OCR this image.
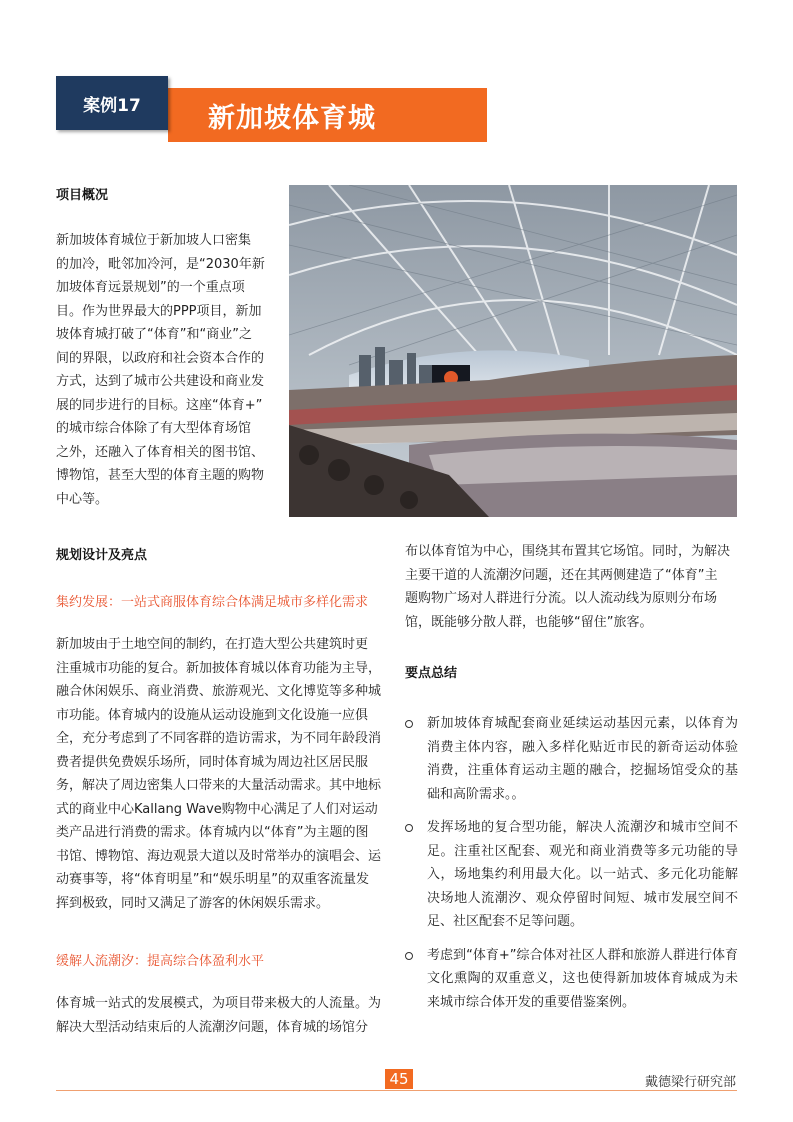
案例17 新加坡体育城
项目概况
新加坡体育城位于新加坡人口密集
的加冷，毗邻加冷河，是“2030年新
加坡体育远景规划”的一个重点项
目。作为世界最大的PPP项目，新加
坡体育城打破了“体育”和“商业”之
间的界限，以政府和社会资本合作的
方式，达到了城市公共建设和商业发
展的同步进行的目标。这座“体育+”
的城市综合体除了有大型体育场馆
之外，还融入了体育相关的图书馆、
博物馆，甚至大型的体育主题的购物
中心等。
规划设计及亮点
集约发展：一站式商服体育综合体满足城市多样化需求
新加坡由于土地空间的制约，在打造大型公共建筑时更
注重城市功能的复合。新加披体育城以体育功能为主导，
融合休闲娱乐、商业消费、旅游观光、文化博览等多种城
市功能。体育城内的设施从运动设施到文化设施一应俱
全，充分考虑到了不同客群的造访需求，为不同年龄段消
费者提供免费娱乐场所，同时体育城为周边社区居民服
务，解决了周边密集人口带来的大量活动需求。其中地标
式的商业中心Kallang Wave购物中心满足了人们对运动
类产品进行消费的需求。体育城内以“体育”为主题的图
书馆、博物馆、海边观景大道以及时常举办的演唱会、运
动赛事等，将“体育明星”和“娱乐明星”的双重客流量发
挥到极致，同时又满足了游客的休闲娱乐需求。
缓解人流潮汐：提高综合体盈利水平
体育城一站式的发展模式，为项目带来极大的人流量。为
解决大型活动结束后的人流潮汐问题，体育城的场馆分
布以体育馆为中心，围绕其布置其它场馆。同时，为解决
主要干道的人流潮汐问题，还在其两侧建造了“体育”主
题购物广场对人群进行分流。以人流动线为原则分布场
馆，既能够分散人群，也能够“留住”旅客。
要点总结
新加坡体育城配套商业延续运动基因元素，以体育为消费主体内容，融入多样化贴近市民的新奇运动体验消费，注重体育运动主题的融合，挖掘场馆受众的基础和高阶需求。。
发挥场地的复合型功能，解决人流潮汐和城市空间不足。注重社区配套、观光和商业消费等多元功能的导入，场地集约利用最大化。以一站式、多元化功能解决场地人流潮汐、观众停留时间短、城市发展空间不足、社区配套不足等问题。
考虑到“体育+”综合体对社区人群和旅游人群进行体育文化熏陶的双重意义，这也使得新加坡体育城成为未来城市综合体开发的重要借鉴案例。
45	戴德梁行研究部
